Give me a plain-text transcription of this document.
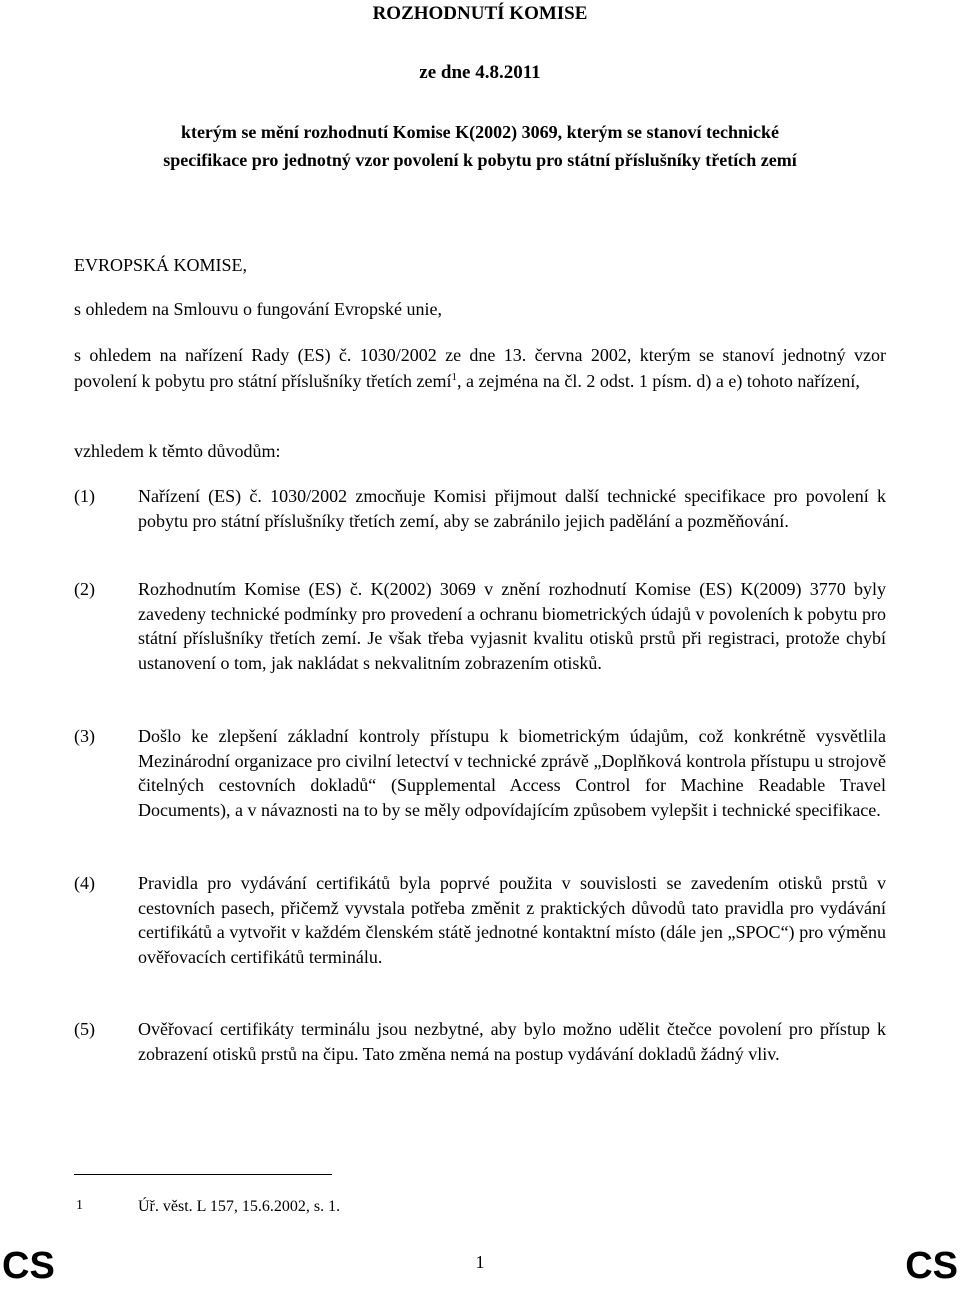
ROZHODNUTÍ KOMISE
ze dne 4.8.2011
kterým se mění rozhodnutí Komise K(2002) 3069, kterým se stanoví technické
specifikace pro jednotný vzor povolení k pobytu pro státní příslušníky třetích zemí
EVROPSKÁ KOMISE,
s ohledem na Smlouvu o fungování Evropské unie,
s ohledem na nařízení Rady (ES) č. 1030/2002 ze dne 13. června 2002, kterým se stanoví jednotný vzor povolení k pobytu pro státní příslušníky třetích zemí$^1$, a zejména na čl. 2 odst. 1 písm. d) a e) tohoto nařízení,
vzhledem k těmto důvodům:
(1) Nařízení (ES) č. 1030/2002 zmocňuje Komisi přijmout další technické specifikace pro povolení k pobytu pro státní příslušníky třetích zemí, aby se zabránilo jejich padělání a pozměňování.
(2) Rozhodnutím Komise (ES) č. K(2002) 3069 v znění rozhodnutí Komise (ES) K(2009) 3770 byly zavedeny technické podmínky pro provedení a ochranu biometrických údajů v povoleních k pobytu pro státní příslušníky třetích zemí. Je však třeba vyjasnit kvalitu otisků prstů při registraci, protože chybí ustanovení o tom, jak nakládat s nekvalitním zobrazením otisků.
(3) Došlo ke zlepšení základní kontroly přístupu k biometrickým údajům, což konkrétně vysvětlila Mezinárodní organizace pro civilní letectví v technické zprávě „Doplňková kontrola přístupu u strojově čitelných cestovních dokladů“ (Supplemental Access Control for Machine Readable Travel Documents), a v návaznosti na to by se měly odpovídajícím způsobem vylepšit i technické specifikace.
(4) Pravidla pro vydávání certifikátů byla poprvé použita v souvislosti se zavedením otisků prstů v cestovních pasech, přičemž vyvstala potřeba změnit z praktických důvodů tato pravidla pro vydávání certifikátů a vytvořit v každém členském státě jednotné kontaktní místo (dále jen „SPOC“) pro výměnu ověřovacích certifikátů terminálu.
(5) Ověřovací certifikáty terminálu jsou nezbytné, aby bylo možno udělit čtečce povolení pro přístup k zobrazení otisků prstů na čipu. Tato změna nemá na postup vydávání dokladů žádný vliv.
1	Úř. věst. L 157, 15.6.2002, s. 1.
CS	1	CS
